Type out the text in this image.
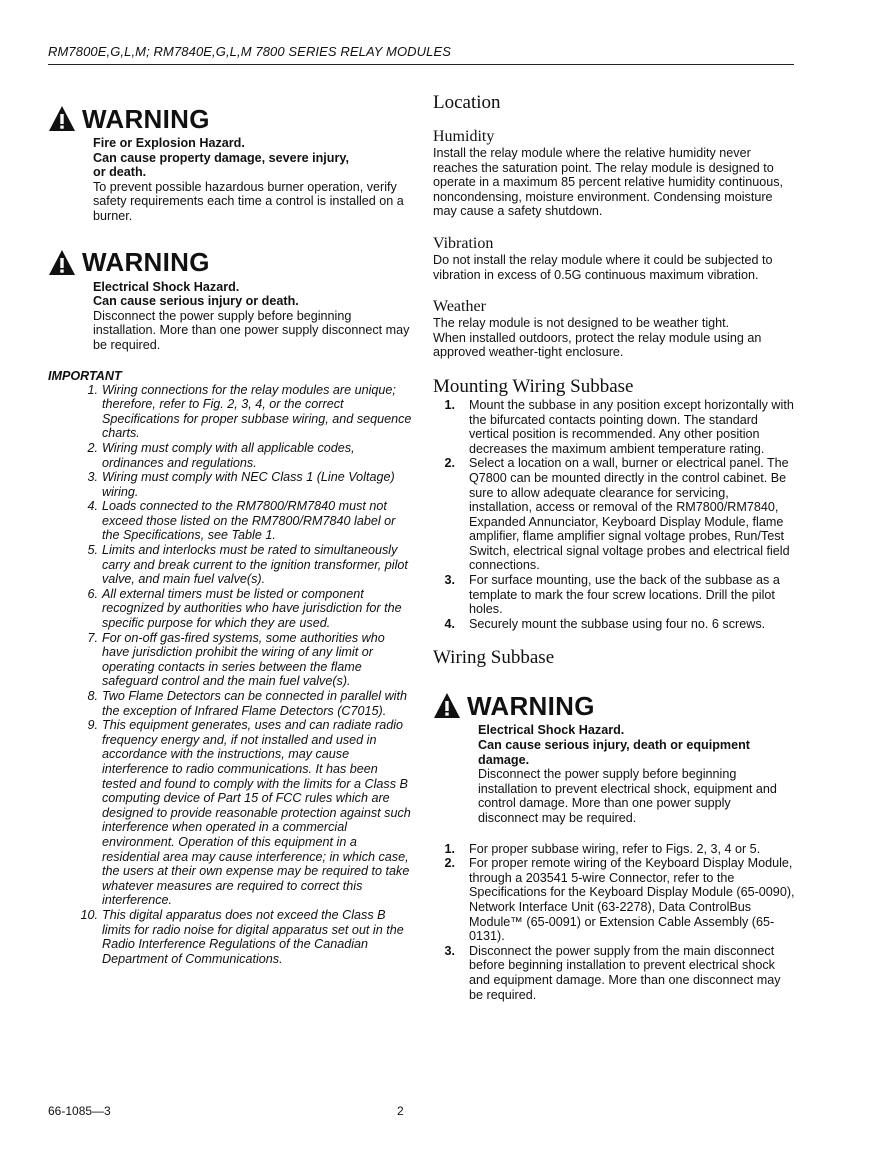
RM7800E,G,L,M; RM7840E,G,L,M 7800 SERIES RELAY MODULES
WARNING
Fire or Explosion Hazard.
Can cause property damage, severe injury,
or death.
To prevent possible hazardous burner operation, verify safety requirements each time a control is installed on a burner.
WARNING
Electrical Shock Hazard.
Can cause serious injury or death.
Disconnect the power supply before beginning installation. More than one power supply disconnect may be required.
IMPORTANT
1. Wiring connections for the relay modules are unique; therefore, refer to Fig. 2, 3, 4, or the correct Specifications for proper subbase wiring, and sequence charts.
2. Wiring must comply with all applicable codes, ordinances and regulations.
3. Wiring must comply with NEC Class 1 (Line Voltage) wiring.
4. Loads connected to the RM7800/RM7840 must not exceed those listed on the RM7800/RM7840 label or the Specifications, see Table 1.
5. Limits and interlocks must be rated to simultaneously carry and break current to the ignition transformer, pilot valve, and main fuel valve(s).
6. All external timers must be listed or component recognized by authorities who have jurisdiction for the specific purpose for which they are used.
7. For on-off gas-fired systems, some authorities who have jurisdiction prohibit the wiring of any limit or operating contacts in series between the flame safeguard control and the main fuel valve(s).
8. Two Flame Detectors can be connected in parallel with the exception of Infrared Flame Detectors (C7015).
9. This equipment generates, uses and can radiate radio frequency energy and, if not installed and used in accordance with the instructions, may cause interference to radio communications. It has been tested and found to comply with the limits for a Class B computing device of Part 15 of FCC rules which are designed to provide reasonable protection against such interference when operated in a commercial environment. Operation of this equipment in a residential area may cause interference; in which case, the users at their own expense may be required to take whatever measures are required to correct this interference.
10. This digital apparatus does not exceed the Class B limits for radio noise for digital apparatus set out in the Radio Interference Regulations of the Canadian Department of Communications.
Location
Humidity
Install the relay module where the relative humidity never reaches the saturation point. The relay module is designed to operate in a maximum 85 percent relative humidity continuous, noncondensing, moisture environment. Condensing moisture may cause a safety shutdown.
Vibration
Do not install the relay module where it could be subjected to vibration in excess of 0.5G continuous maximum vibration.
Weather
The relay module is not designed to be weather tight.
When installed outdoors, protect the relay module using an approved weather-tight enclosure.
Mounting Wiring Subbase
1. Mount the subbase in any position except horizontally with the bifurcated contacts pointing down. The standard vertical position is recommended. Any other position decreases the maximum ambient temperature rating.
2. Select a location on a wall, burner or electrical panel. The Q7800 can be mounted directly in the control cabinet. Be sure to allow adequate clearance for servicing, installation, access or removal of the RM7800/RM7840, Expanded Annunciator, Keyboard Display Module, flame amplifier, flame amplifier signal voltage probes, Run/Test Switch, electrical signal voltage probes and electrical field connections.
3. For surface mounting, use the back of the subbase as a template to mark the four screw locations. Drill the pilot holes.
4. Securely mount the subbase using four no. 6 screws.
Wiring Subbase
WARNING
Electrical Shock Hazard.
Can cause serious injury, death or equipment damage.
Disconnect the power supply before beginning installation to prevent electrical shock, equipment and control damage. More than one power supply disconnect may be required.
1. For proper subbase wiring, refer to Figs. 2, 3, 4 or 5.
2. For proper remote wiring of the Keyboard Display Module, through a 203541 5-wire Connector, refer to the Specifications for the Keyboard Display Module (65-0090), Network Interface Unit (63-2278), Data ControlBus Module™ (65-0091) or Extension Cable Assembly (65-0131).
3. Disconnect the power supply from the main disconnect before beginning installation to prevent electrical shock and equipment damage. More than one disconnect may be required.
66-1085—3	2
